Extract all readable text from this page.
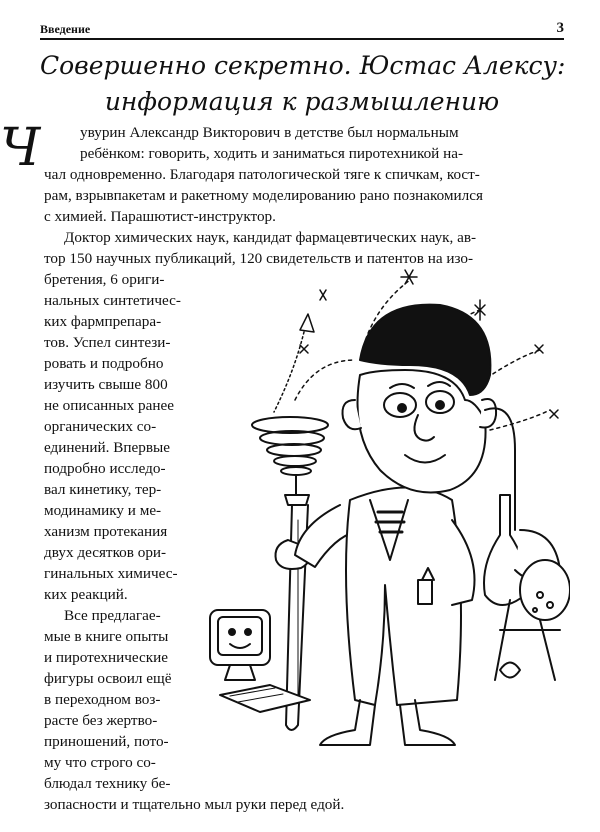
Введение	3
Совершенно секретно. Юстас Алексу:
информация к размышлению
Ч	увурин Александр Викторович в детстве был нормальным
ребёнком: говорить, ходить и заниматься пиротехникой на-
чал одновременно. Благодаря патологической тяге к спичкам, кост-
рам, взрывпакетам и ракетному моделированию рано познакомился
с химией. Парашютист-инструктор.
Доктор химических наук, кандидат фармацевтических наук, ав-
тор 150 научных публикаций, 120 свидетельств и патентов на изо-
бретения, 6 ориги-
нальных синтетичес-
ких фармпрепара-
тов. Успел синтези-
ровать и подробно
изучить свыше 800
не описанных ранее
органических со-
единений. Впервые
подробно исследо-
вал кинетику, тер-
модинамику и ме-
ханизм протекания
двух десятков ори-
гинальных химичес-
ких реакций.
Все предлагае-
мые в книге опыты
и пиротехнические
фигуры освоил ещё
в переходном воз-
расте без жертво-
приношений, пото-
му что строго со-
блюдал технику бе-
зопасности и тщательно мыл руки перед едой.
